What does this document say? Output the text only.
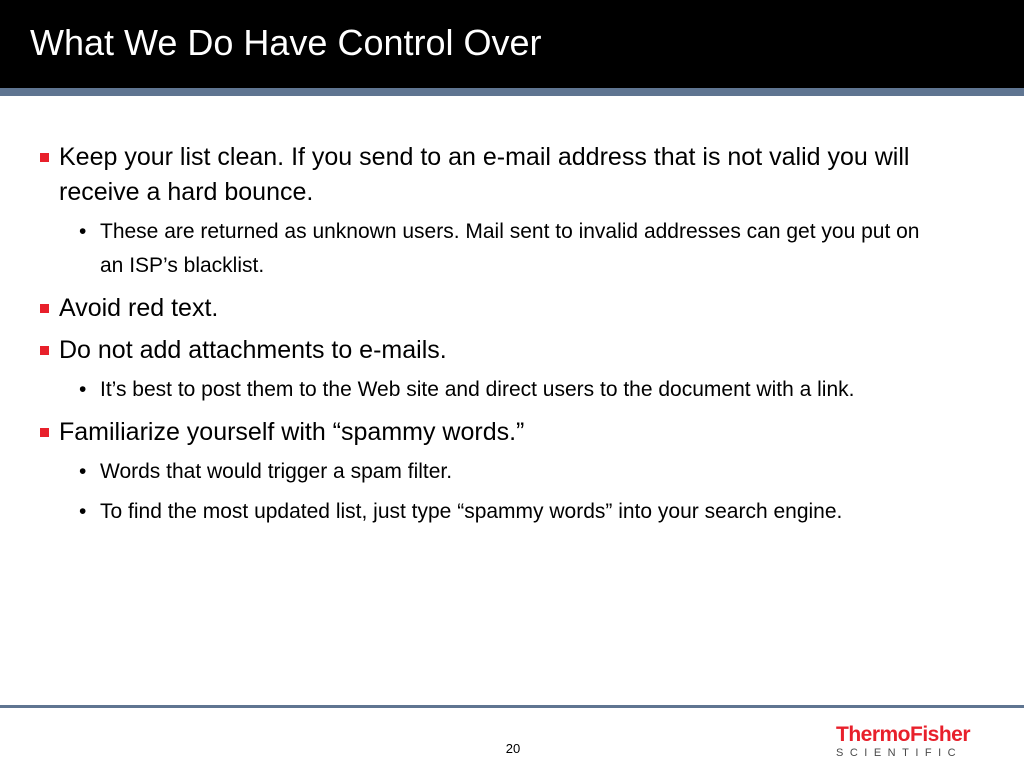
What We Do Have Control Over
Keep your list clean. If you send to an e-mail address that is not valid you will receive a hard bounce.
• These are returned as unknown users. Mail sent to invalid addresses can get you put on an ISP’s blacklist.
Avoid red text.
Do not add attachments to e-mails.
• It’s best to post them to the Web site and direct users to the document with a link.
Familiarize yourself with “spammy words.”
• Words that would trigger a spam filter.
• To find the most updated list, just type “spammy words” into your search engine.
20
ThermoFisher
SCIENTIFIC
